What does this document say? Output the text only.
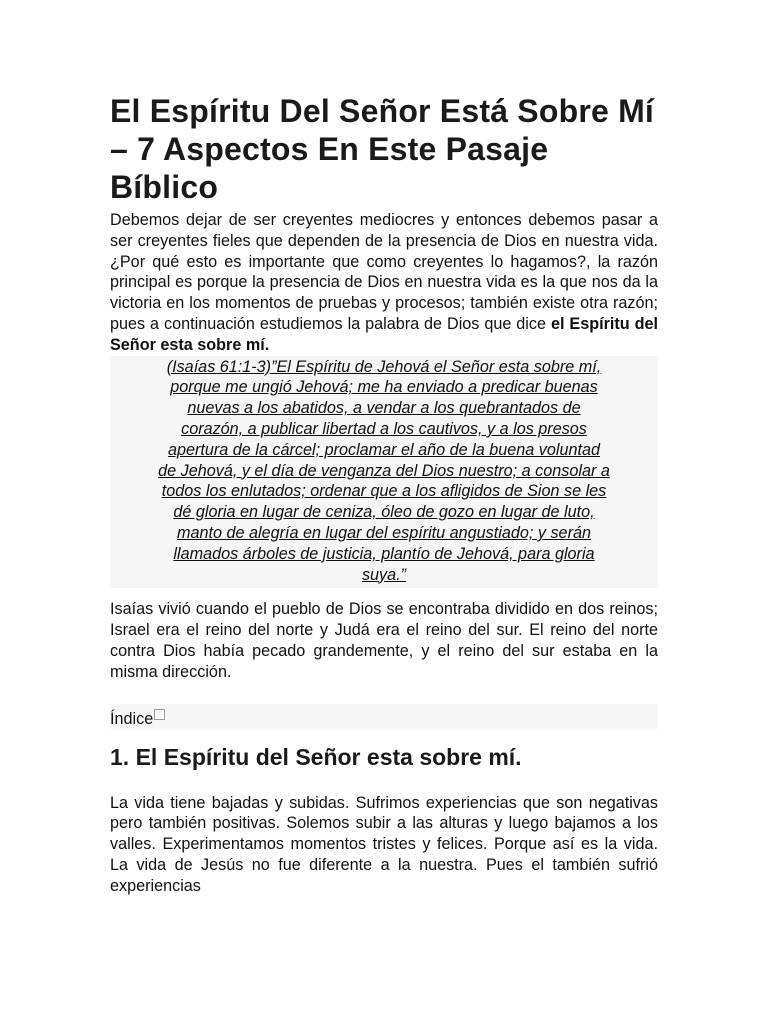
El Espíritu Del Señor Está Sobre Mí – 7 Aspectos En Este Pasaje Bíblico

Debemos dejar de ser creyentes mediocres y entonces debemos pasar a ser creyentes fieles que dependen de la presencia de Dios en nuestra vida. ¿Por qué esto es importante que como creyentes lo hagamos?, la razón principal es porque la presencia de Dios en nuestra vida es la que nos da la victoria en los momentos de pruebas y procesos; también existe otra razón; pues a continuación estudiemos la palabra de Dios que dice el Espíritu del Señor esta sobre mí.

(Isaías 61:1-3)”El Espíritu de Jehová el Señor esta sobre mí,
porque me ungió Jehová; me ha enviado a predicar buenas
nuevas a los abatidos, a vendar a los quebrantados de
corazón, a publicar libertad a los cautivos, y a los presos
apertura de la cárcel; proclamar el año de la buena voluntad
de Jehová, y el día de venganza del Dios nuestro; a consolar a
todos los enlutados; ordenar que a los afligidos de Sion se les
dé gloria en lugar de ceniza, óleo de gozo en lugar de luto,
manto de alegría en lugar del espíritu angustiado; y serán
llamados árboles de justicia, plantío de Jehová, para gloria
suya.”

Isaías vivió cuando el pueblo de Dios se encontraba dividido en dos reinos; Israel era el reino del norte y Judá era el reino del sur. El reino del norte contra Dios había pecado grandemente, y el reino del sur estaba en la misma dirección.

Índice
1. El Espíritu del Señor esta sobre mí.

La vida tiene bajadas y subidas. Sufrimos experiencias que son negativas pero también positivas. Solemos subir a las alturas y luego bajamos a los valles. Experimentamos momentos tristes y felices. Porque así es la vida. La vida de Jesús no fue diferente a la nuestra. Pues el también sufrió experiencias
